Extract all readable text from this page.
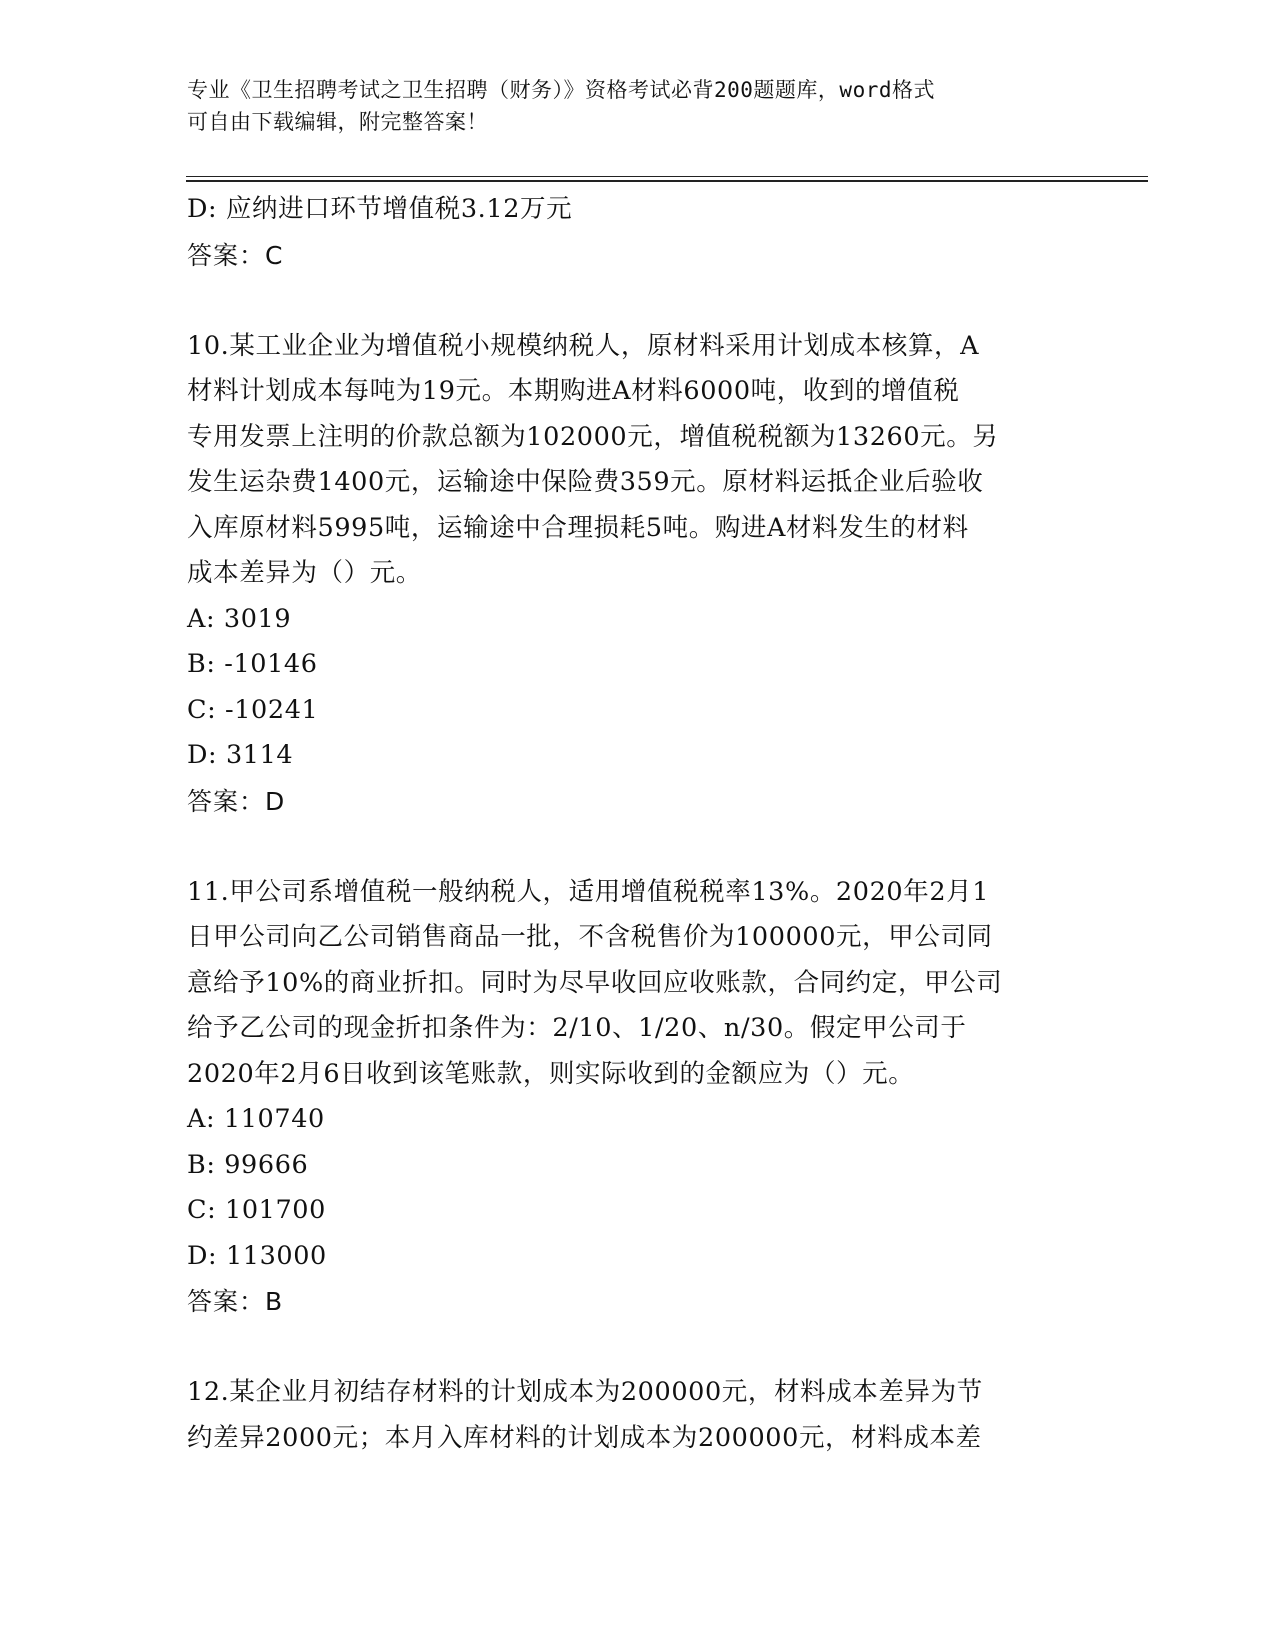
专业《卫生招聘考试之卫生招聘（财务）》资格考试必背200题题库，word格式
可自由下载编辑，附完整答案！
D: 应纳进口环节增值税3.12万元
答案：C
10.某工业企业为增值税小规模纳税人，原材料采用计划成本核算，A
材料计划成本每吨为19元。本期购进A材料6000吨，收到的增值税
专用发票上注明的价款总额为102000元，增值税税额为13260元。另
发生运杂费1400元，运输途中保险费359元。原材料运抵企业后验收
入库原材料5995吨，运输途中合理损耗5吨。购进A材料发生的材料
成本差异为（）元。
A: 3019
B: -10146
C: -10241
D: 3114
答案：D
11.甲公司系增值税一般纳税人，适用增值税税率13%。2020年2月1
日甲公司向乙公司销售商品一批，不含税售价为100000元，甲公司同
意给予10%的商业折扣。同时为尽早收回应收账款，合同约定，甲公司
给予乙公司的现金折扣条件为：2/10、1/20、n/30。假定甲公司于
2020年2月6日收到该笔账款，则实际收到的金额应为（）元。
A: 110740
B: 99666
C: 101700
D: 113000
答案：B
12.某企业月初结存材料的计划成本为200000元，材料成本差异为节
约差异2000元；本月入库材料的计划成本为200000元，材料成本差
